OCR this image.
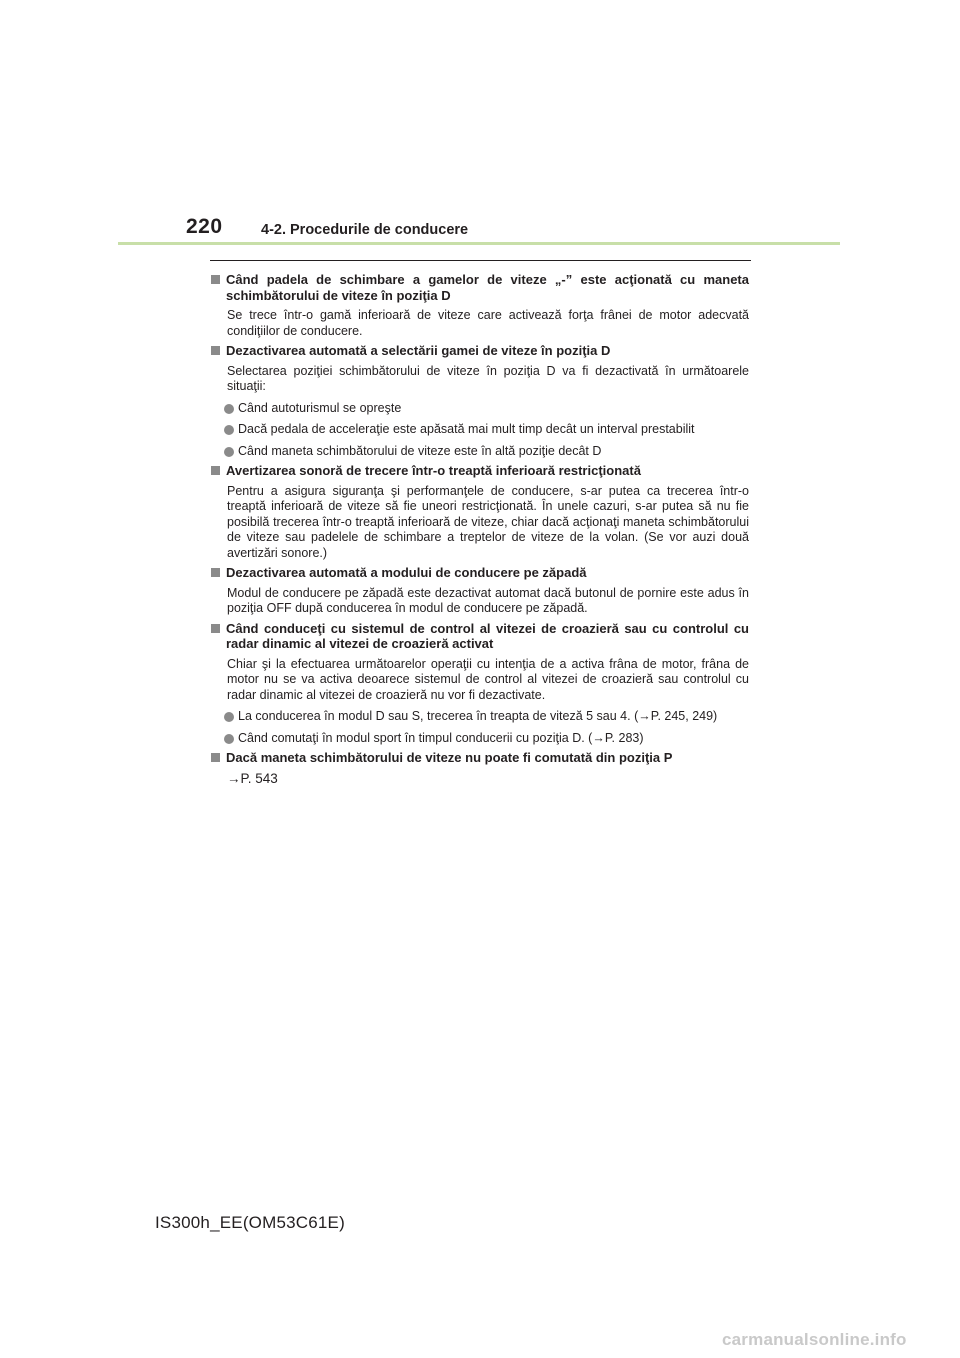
220	4-2. Procedurile de conducere
Când padela de schimbare a gamelor de viteze „-” este acţionată cu maneta schimbătorului de viteze în poziţia D
Se trece într-o gamă inferioară de viteze care activează forţa frânei de motor adecvată condiţiilor de conducere.
Dezactivarea automată a selectării gamei de viteze în poziţia D
Selectarea poziţiei schimbătorului de viteze în poziţia D va fi dezactivată în următoarele situaţii:
Când autoturismul se opreşte
Dacă pedala de acceleraţie este apăsată mai mult timp decât un interval prestabilit
Când maneta schimbătorului de viteze este în altă poziţie decât D
Avertizarea sonoră de trecere într-o treaptă inferioară restricţionată
Pentru a asigura siguranţa şi performanţele de conducere, s-ar putea ca trecerea într-o treaptă inferioară de viteze să fie uneori restricţionată. În unele cazuri, s-ar putea să nu fie posibilă trecerea într-o treaptă inferioară de viteze, chiar dacă acţionaţi maneta schimbătorului de viteze sau padelele de schimbare a treptelor de viteze de la volan. (Se vor auzi două avertizări sonore.)
Dezactivarea automată a modului de conducere pe zăpadă
Modul de conducere pe zăpadă este dezactivat automat dacă butonul de pornire este adus în poziţia OFF după conducerea în modul de conducere pe zăpadă.
Când conduceţi cu sistemul de control al vitezei de croazieră sau cu controlul cu radar dinamic al vitezei de croazieră activat
Chiar şi la efectuarea următoarelor operaţii cu intenţia de a activa frâna de motor, frâna de motor nu se va activa deoarece sistemul de control al vitezei de croazieră sau controlul cu radar dinamic al vitezei de croazieră nu vor fi dezactivate.
La conducerea în modul D sau S, trecerea în treapta de viteză 5 sau 4. (→P. 245, 249)
Când comutaţi în modul sport în timpul conducerii cu poziţia D. (→P. 283)
Dacă maneta schimbătorului de viteze nu poate fi comutată din poziţia P
→P. 543
IS300h_EE(OM53C61E)
carmanualsonline.info
